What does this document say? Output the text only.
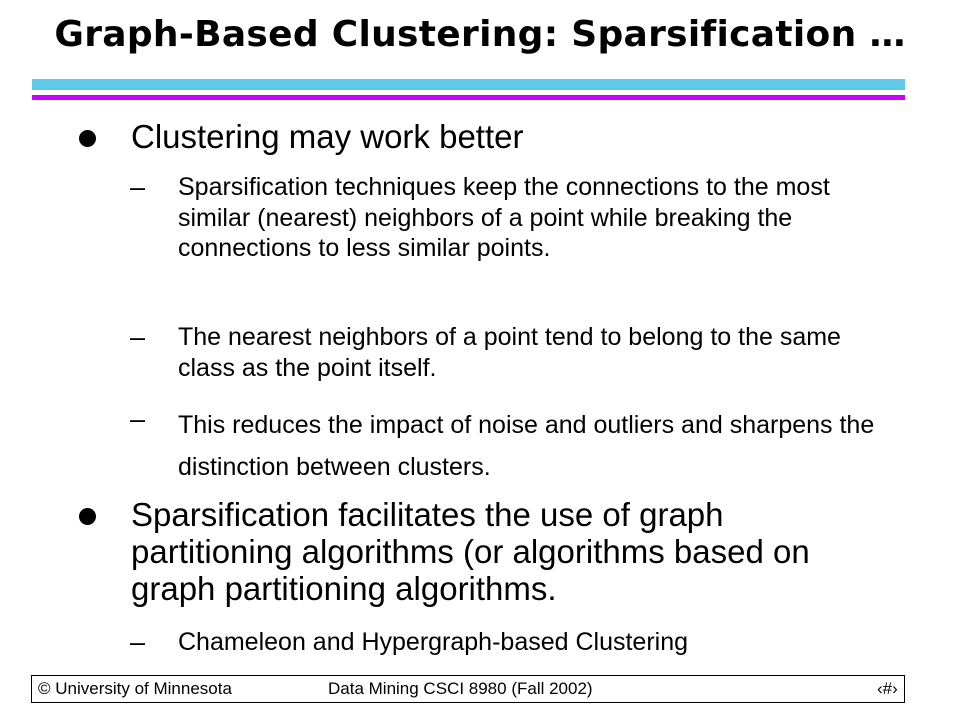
Graph-Based Clustering: Sparsification …
Clustering may work better
– Sparsification techniques keep the connections to the most similar (nearest) neighbors of a point while breaking the connections to less similar points.
– The nearest neighbors of a point tend to belong to the same class as the point itself.
– This reduces the impact of noise and outliers and sharpens the distinction between clusters.
Sparsification facilitates the use of graph partitioning algorithms (or algorithms based on graph partitioning algorithms.
– Chameleon and Hypergraph-based Clustering
© University of Minnesota	Data Mining CSCI 8980 (Fall 2002)	‹#›
